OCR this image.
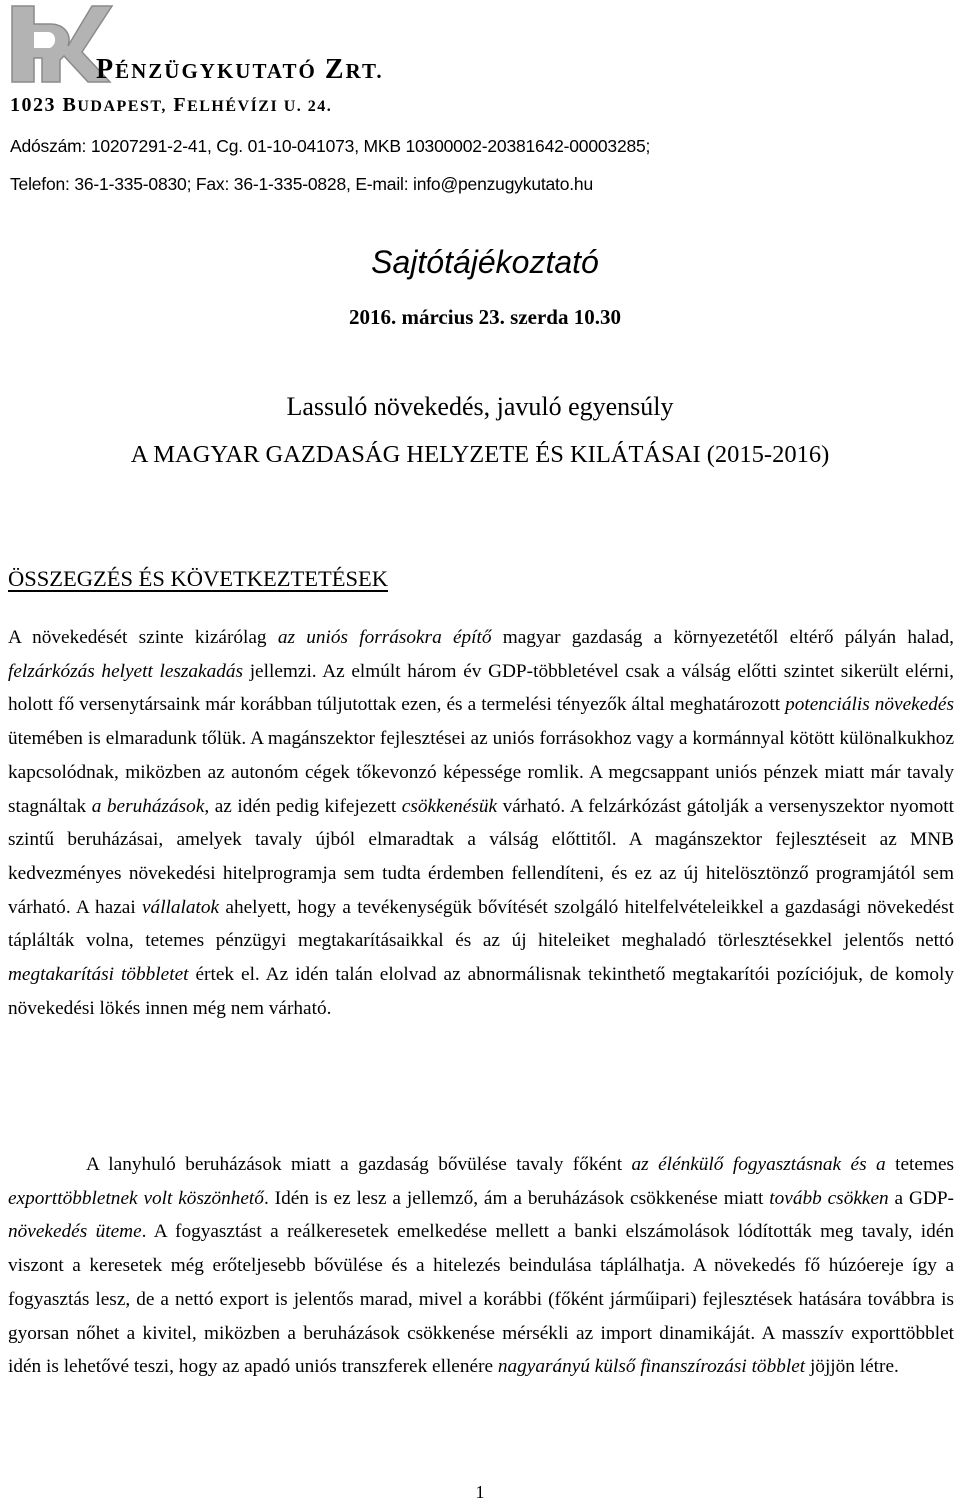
PÉNZÜGYKUTATÓ ZRT.
1023 BUDAPEST, FELHÉVÍZI U. 24.
Adószám: 10207291-2-41, Cg. 01-10-041073, MKB 10300002-20381642-00003285;
Telefon: 36-1-335-0830; Fax: 36-1-335-0828, E-mail: info@penzugykutato.hu
Sajtótájékoztató
2016. március 23. szerda 10.30
Lassuló növekedés, javuló egyensúly
A MAGYAR GAZDASÁG HELYZETE ÉS KILÁTÁSAI (2015-2016)
ÖSSZEGZÉS ÉS KÖVETKEZTETÉSEK

A növekedését szinte kizárólag az uniós forrásokra építő magyar gazdaság a környezetétől eltérő pályán halad, felzárkózás helyett leszakadás jellemzi. Az elmúlt három év GDP-többletével csak a válság előtti szintet sikerült elérni, holott fő versenytársaink már korábban túljutottak ezen, és a termelési tényezők által meghatározott potenciális növekedés ütemében is elmaradunk tőlük. A magánszektor fejlesztései az uniós forrásokhoz vagy a kormánnyal kötött különalkukhoz kapcsolódnak, miközben az autonóm cégek tőkevonzó képessége romlik. A megcsappant uniós pénzek miatt már tavaly stagnáltak a beruházások, az idén pedig kifejezett csökkenésük várható. A felzárkózást gátolják a versenyszektor nyomott szintű beruházásai, amelyek tavaly újból elmaradtak a válság előttitől. A magánszektor fejlesztéseit az MNB kedvezményes növekedési hitelprogramja sem tudta érdemben fellendíteni, és ez az új hitelösztönző programjától sem várható. A hazai vállalatok ahelyett, hogy a tevékenységük bővítését szolgáló hitelfelvételeikkel a gazdasági növekedést táplálták volna, tetemes pénzügyi megtakarításaikkal és az új hiteleiket meghaladó törlesztésekkel jelentős nettó megtakarítási többletet értek el. Az idén talán elolvad az abnormálisnak tekinthető megtakarítói pozíciójuk, de komoly növekedési lökés innen még nem várható.

A lanyhuló beruházások miatt a gazdaság bővülése tavaly főként az élénkülő fogyasztásnak és a tetemes exporttöbbletnek volt köszönhető. Idén is ez lesz a jellemző, ám a beruházások csökkenése miatt tovább csökken a GDP-növekedés üteme. A fogyasztást a reálkeresetek emelkedése mellett a banki elszámolások lódították meg tavaly, idén viszont a keresetek még erőteljesebb bővülése és a hitelezés beindulása táplálhatja. A növekedés fő húzóereje így a fogyasztás lesz, de a nettó export is jelentős marad, mivel a korábbi (főként járműipari) fejlesztések hatására továbbra is gyorsan nőhet a kivitel, miközben a beruházások csökkenése mérsékli az import dinamikáját. A masszív exporttöbblet idén is lehetővé teszi, hogy az apadó uniós transzferek ellenére nagyarányú külső finanszírozási többlet jöjjön létre.

1
